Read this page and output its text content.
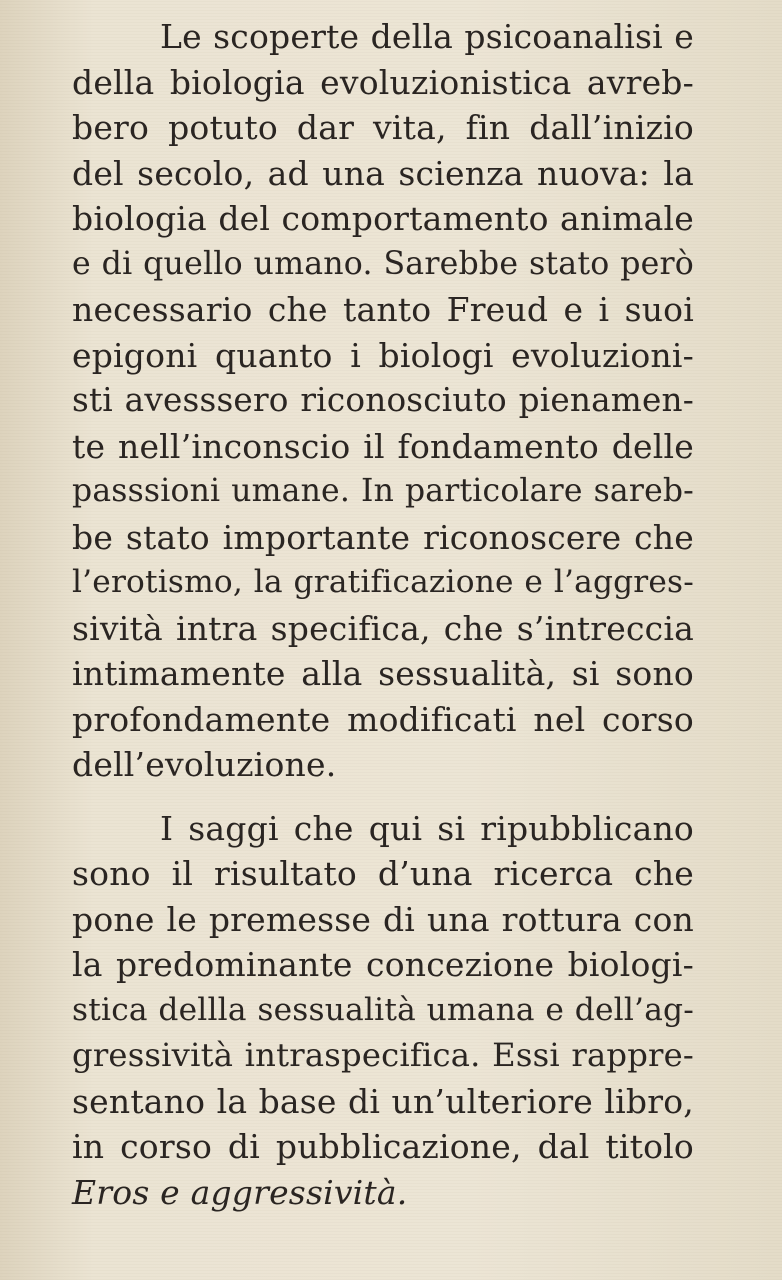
Le scoperte della psicoanalisi e
della biologia evoluzionistica avreb-
bero potuto dar vita, fin dall’inizio
del secolo, ad una scienza nuova: la
biologia del comportamento animale
e di quello umano. Sarebbe stato però
necessario che tanto Freud e i suoi
epigoni quanto i biologi evoluzioni-
sti avesssero riconosciuto pienamen-
te nell’inconscio il fondamento delle
passsioni umane. In particolare sareb-
be stato importante riconoscere che
l’erotismo, la gratificazione e l’aggres-
sività intra specifica, che s’intreccia
intimamente alla sessualità, si sono
profondamente modificati nel corso
dell’evoluzione.
I saggi che qui si ripubblicano
sono il risultato d’una ricerca che
pone le premesse di una rottura con
la predominante concezione biologi-
stica dellla sessualità umana e dell’ag-
gressività intraspecifica. Essi rappre-
sentano la base di un’ulteriore libro,
in corso di pubblicazione, dal titolo
Eros e aggressività.
